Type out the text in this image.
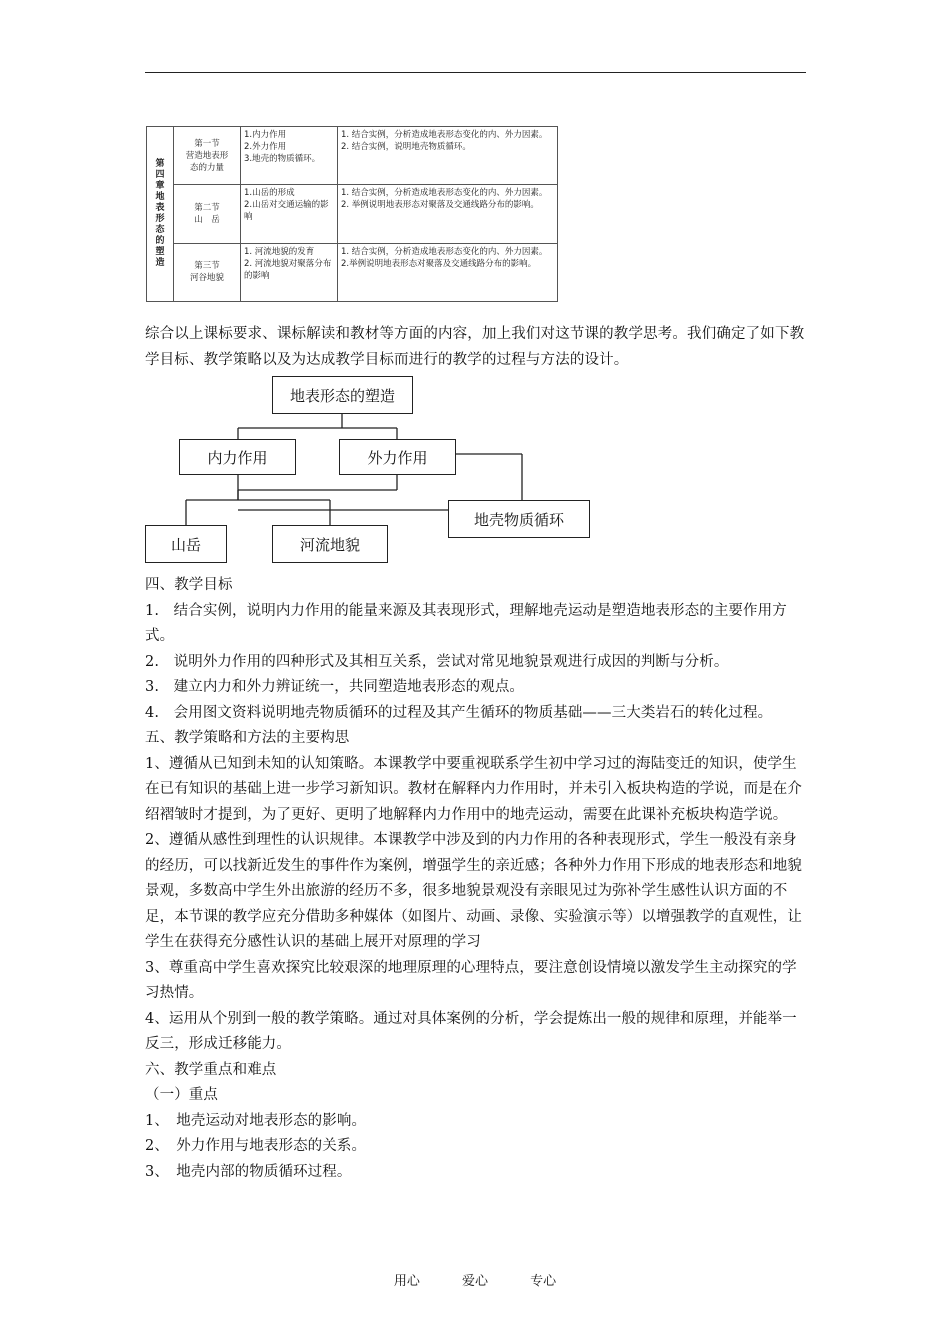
第四章 地表形态的塑造	第一节
营造地表形
态的力量	1.内力作用
2.外力作用
3.地壳的物质循环。	1. 结合实例，分析造成地表形态变化的内、外力因素。
2. 结合实例，说明地壳物质循环。

	第二节
山　岳	1.山岳的形成
2.山岳对交通运输的影响	1. 结合实例，分析造成地表形态变化的内、外力因素。
2. 举例说明地表形态对聚落及交通线路分布的影响。

	第三节
河谷地貌	1. 河流地貌的发育
2. 河流地貌对聚落分布的影响	1. 结合实例，分析造成地表形态变化的内、外力因素。
2.举例说明地表形态对聚落及交通线路分布的影响。

综合以上课标要求、课标解读和教材等方面的内容，加上我们对这节课的教学思考。我们确定了如下教学目标、教学策略以及为达成教学目标而进行的教学的过程与方法的设计。

地表形态的塑造
内力作用	外力作用
地壳物质循环
山岳	河流地貌
四、教学目标
1.　结合实例，说明内力作用的能量来源及其表现形式，理解地壳运动是塑造地表形态的主要作用方式。
2.　说明外力作用的四种形式及其相互关系，尝试对常见地貌景观进行成因的判断与分析。
3.　建立内力和外力辨证统一，共同塑造地表形态的观点。
4.　会用图文资料说明地壳物质循环的过程及其产生循环的物质基础——三大类岩石的转化过程。
五、教学策略和方法的主要构思
1、遵循从已知到未知的认知策略。本课教学中要重视联系学生初中学习过的海陆变迁的知识，使学生在已有知识的基础上进一步学习新知识。教材在解释内力作用时，并未引入板块构造的学说，而是在介绍褶皱时才提到，为了更好、更明了地解释内力作用中的地壳运动，需要在此课补充板块构造学说。
2、遵循从感性到理性的认识规律。本课教学中涉及到的内力作用的各种表现形式，学生一般没有亲身的经历，可以找新近发生的事件作为案例，增强学生的亲近感；各种外力作用下形成的地表形态和地貌景观，多数高中学生外出旅游的经历不多，很多地貌景观没有亲眼见过为弥补学生感性认识方面的不足，本节课的教学应充分借助多种媒体（如图片、动画、录像、实验演示等）以增强教学的直观性，让学生在获得充分感性认识的基础上展开对原理的学习
3、尊重高中学生喜欢探究比较艰深的地理原理的心理特点，要注意创设情境以激发学生主动探究的学习热情。
4、运用从个别到一般的教学策略。通过对具体案例的分析，学会提炼出一般的规律和原理，并能举一反三，形成迁移能力。
六、教学重点和难点
（一）重点
1、　地壳运动对地表形态的影响。
2、　外力作用与地表形态的关系。
3、　地壳内部的物质循环过程。
用心	爱心	专心
